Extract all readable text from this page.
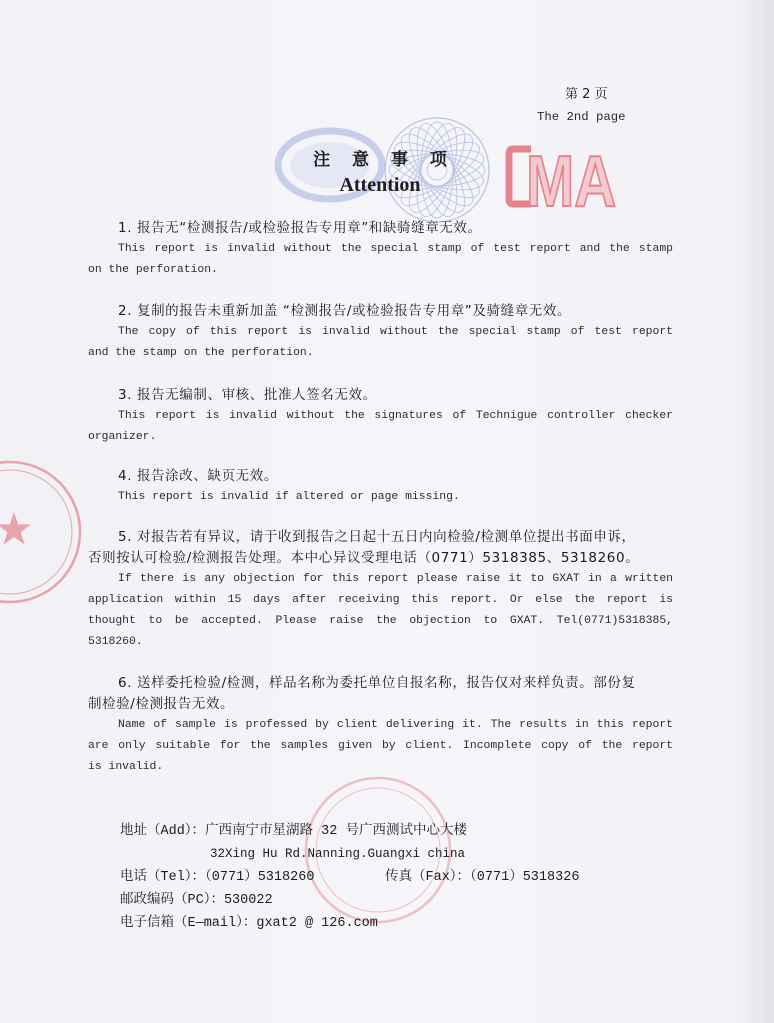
MA
第 2 页
The 2nd page
注 意 事 项
Attention
1. 报告无“检测报告/或检验报告专用章”和缺骑缝章无效。
This report is invalid without the special stamp of test report and the stamp
on the perforation.
2. 复制的报告未重新加盖 “检测报告/或检验报告专用章”及骑缝章无效。
The copy of this report is invalid without the special stamp of test report
and the stamp on the perforation.
3. 报告无编制、审核、批准人签名无效。
This report is invalid without the signatures of Technigue controller checker
organizer.
4. 报告涂改、缺页无效。
This report is invalid if altered or page missing.
5. 对报告若有异议，请于收到报告之日起十五日内向检验/检测单位提出书面申诉，
否则按认可检验/检测报告处理。本中心异议受理电话（0771）5318385、5318260。
If there is any objection for this report please raise it to GXAT in a written
application within 15 days after receiving this report. Or else the report is
thought to be accepted. Please raise the objection to GXAT. Tel(0771)5318385,
5318260.
6. 送样委托检验/检测，样品名称为委托单位自报名称，报告仅对来样负责。部份复
制检验/检测报告无效。
Name of sample is professed by client delivering it. The results in this report
are only suitable for the samples given by client. Incomplete copy of the report
is invalid.
地址（Add）：广西南宁市星湖路 32 号广西测试中心大楼
32Xing Hu Rd.Nanning.Guangxi china
电话（Tel）：（0771）5318260	传真（Fax）：（0771）5318326
邮政编码（PC）：530022
电子信箱（E—mail）：gxat2 @ 126.com
